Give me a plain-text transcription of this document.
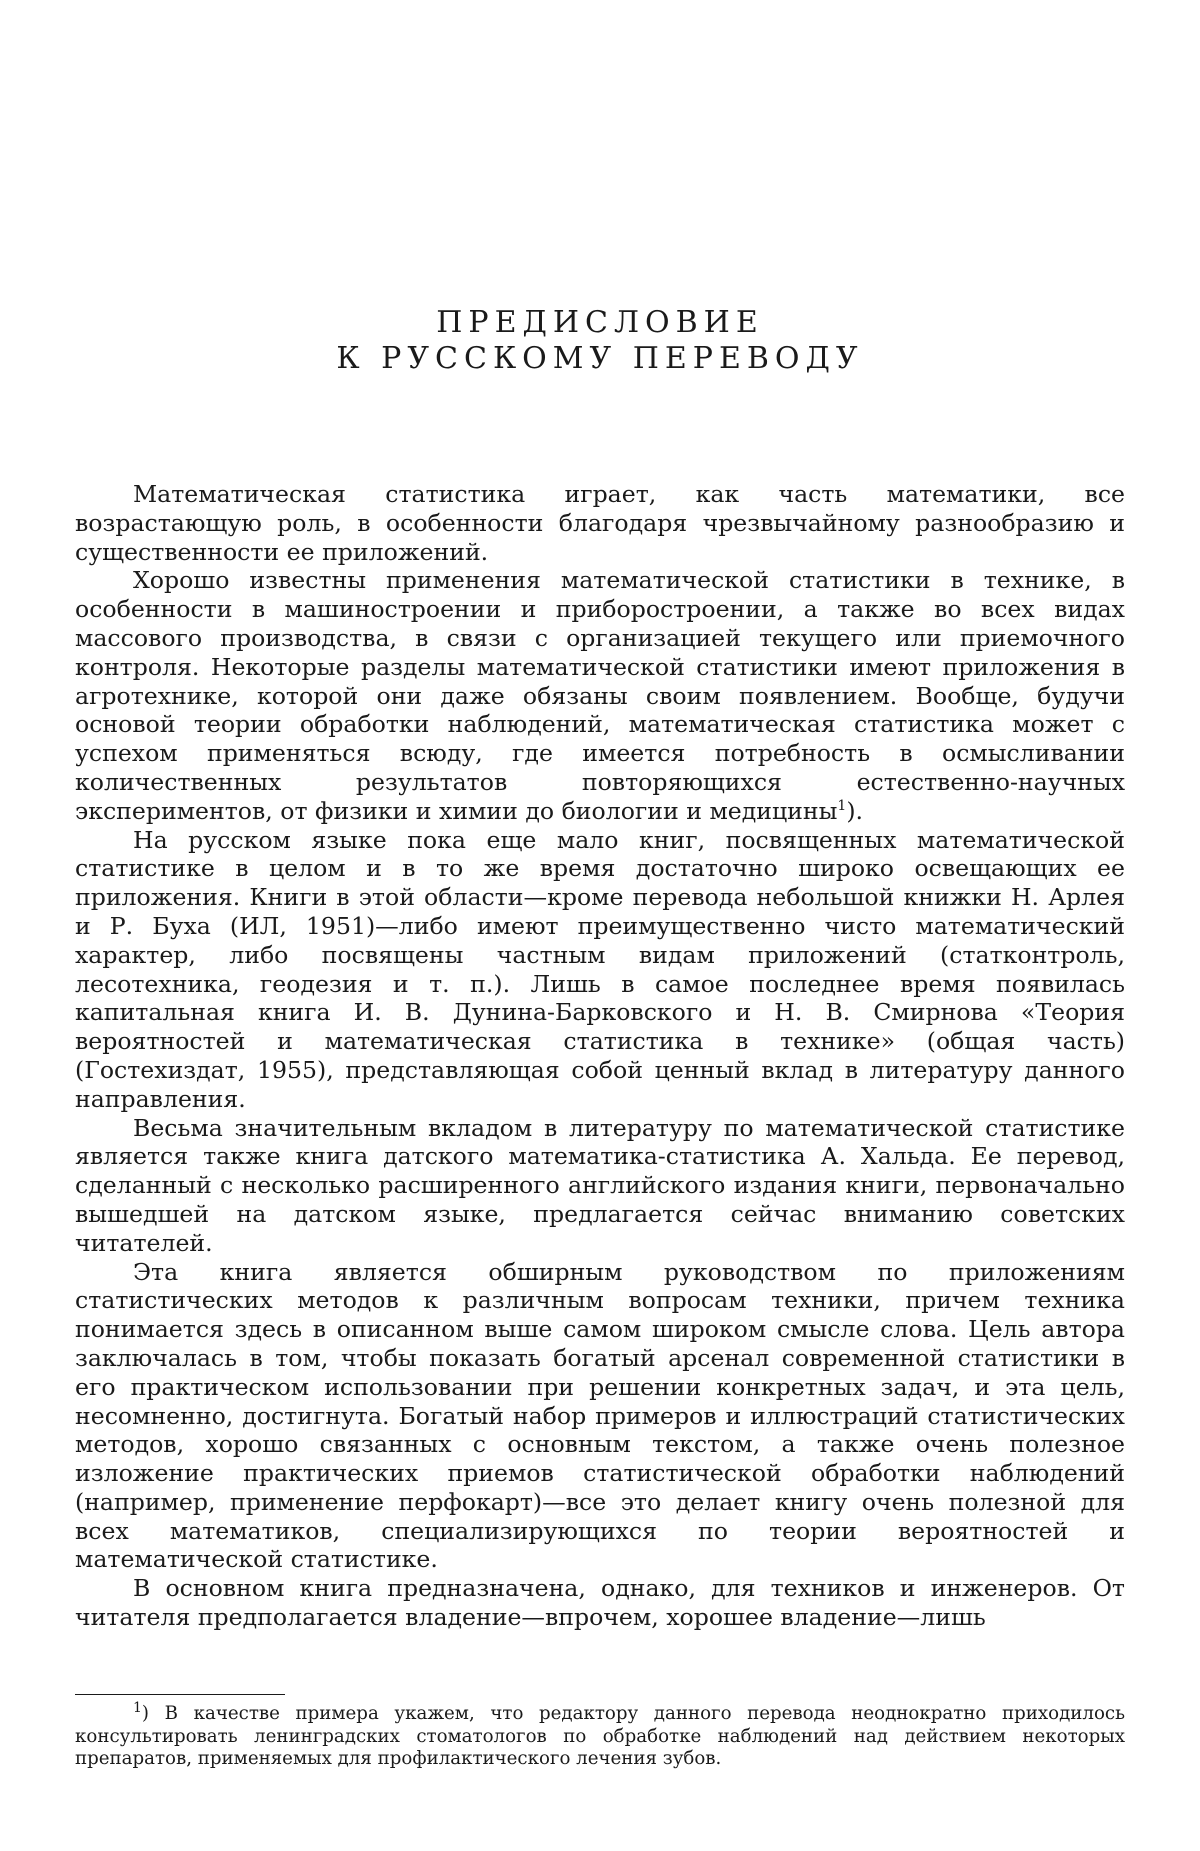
ПРЕДИСЛОВИЕ
К РУССКОМУ ПЕРЕВОДУ

Математическая статистика играет, как часть математики, все возрастающую роль, в особенности благодаря чрезвычайному разнообразию и существенности ее приложений.

Хорошо известны применения математической статистики в технике, в особенности в машиностроении и приборостроении, а также во всех видах массового производства, в связи с организацией текущего или приемочного контроля. Некоторые разделы математической статистики имеют приложения в агротехнике, которой они даже обязаны своим появлением. Вообще, будучи основой теории обработки наблюдений, математическая статистика может с успехом применяться всюду, где имеется потребность в осмысливании количественных результатов повторяющихся естественно-научных экспериментов, от физики и химии до биологии и медицины$^1$).

На русском языке пока еще мало книг, посвященных математической статистике в целом и в то же время достаточно широко освещающих ее приложения. Книги в этой области—кроме перевода небольшой книжки Н. Арлея и Р. Буха (ИЛ, 1951)—либо имеют преимущественно чисто математический характер, либо посвящены частным видам приложений (статконтроль, лесотехника, геодезия и т. п.). Лишь в самое последнее время появилась капитальная книга И. В. Дунина-Барковского и Н. В. Смирнова «Теория вероятностей и математическая статистика в технике» (общая часть) (Гостехиздат, 1955), представляющая собой ценный вклад в литературу данного направления.

Весьма значительным вкладом в литературу по математической статистике является также книга датского математика-статистика А. Хальда. Ее перевод, сделанный с несколько расширенного английского издания книги, первоначально вышедшей на датском языке, предлагается сейчас вниманию советских читателей.

Эта книга является обширным руководством по приложениям статистических методов к различным вопросам техники, причем техника понимается здесь в описанном выше самом широком смысле слова. Цель автора заключалась в том, чтобы показать богатый арсенал современной статистики в его практическом использовании при решении конкретных задач, и эта цель, несомненно, достигнута. Богатый набор примеров и иллюстраций статистических методов, хорошо связанных с основным текстом, а также очень полезное изложение практических приемов статистической обработки наблюдений (например, применение перфокарт)—все это делает книгу очень полезной для всех математиков, специализирующихся по теории вероятностей и математической статистике.

В основном книга предназначена, однако, для техников и инженеров. От читателя предполагается владение—впрочем, хорошее владение—лишь

$^1$) В качестве примера укажем, что редактору данного перевода неоднократно приходилось консультировать ленинградских стоматологов по обработке наблюдений над действием некоторых препаратов, применяемых для профилактического лечения зубов.
